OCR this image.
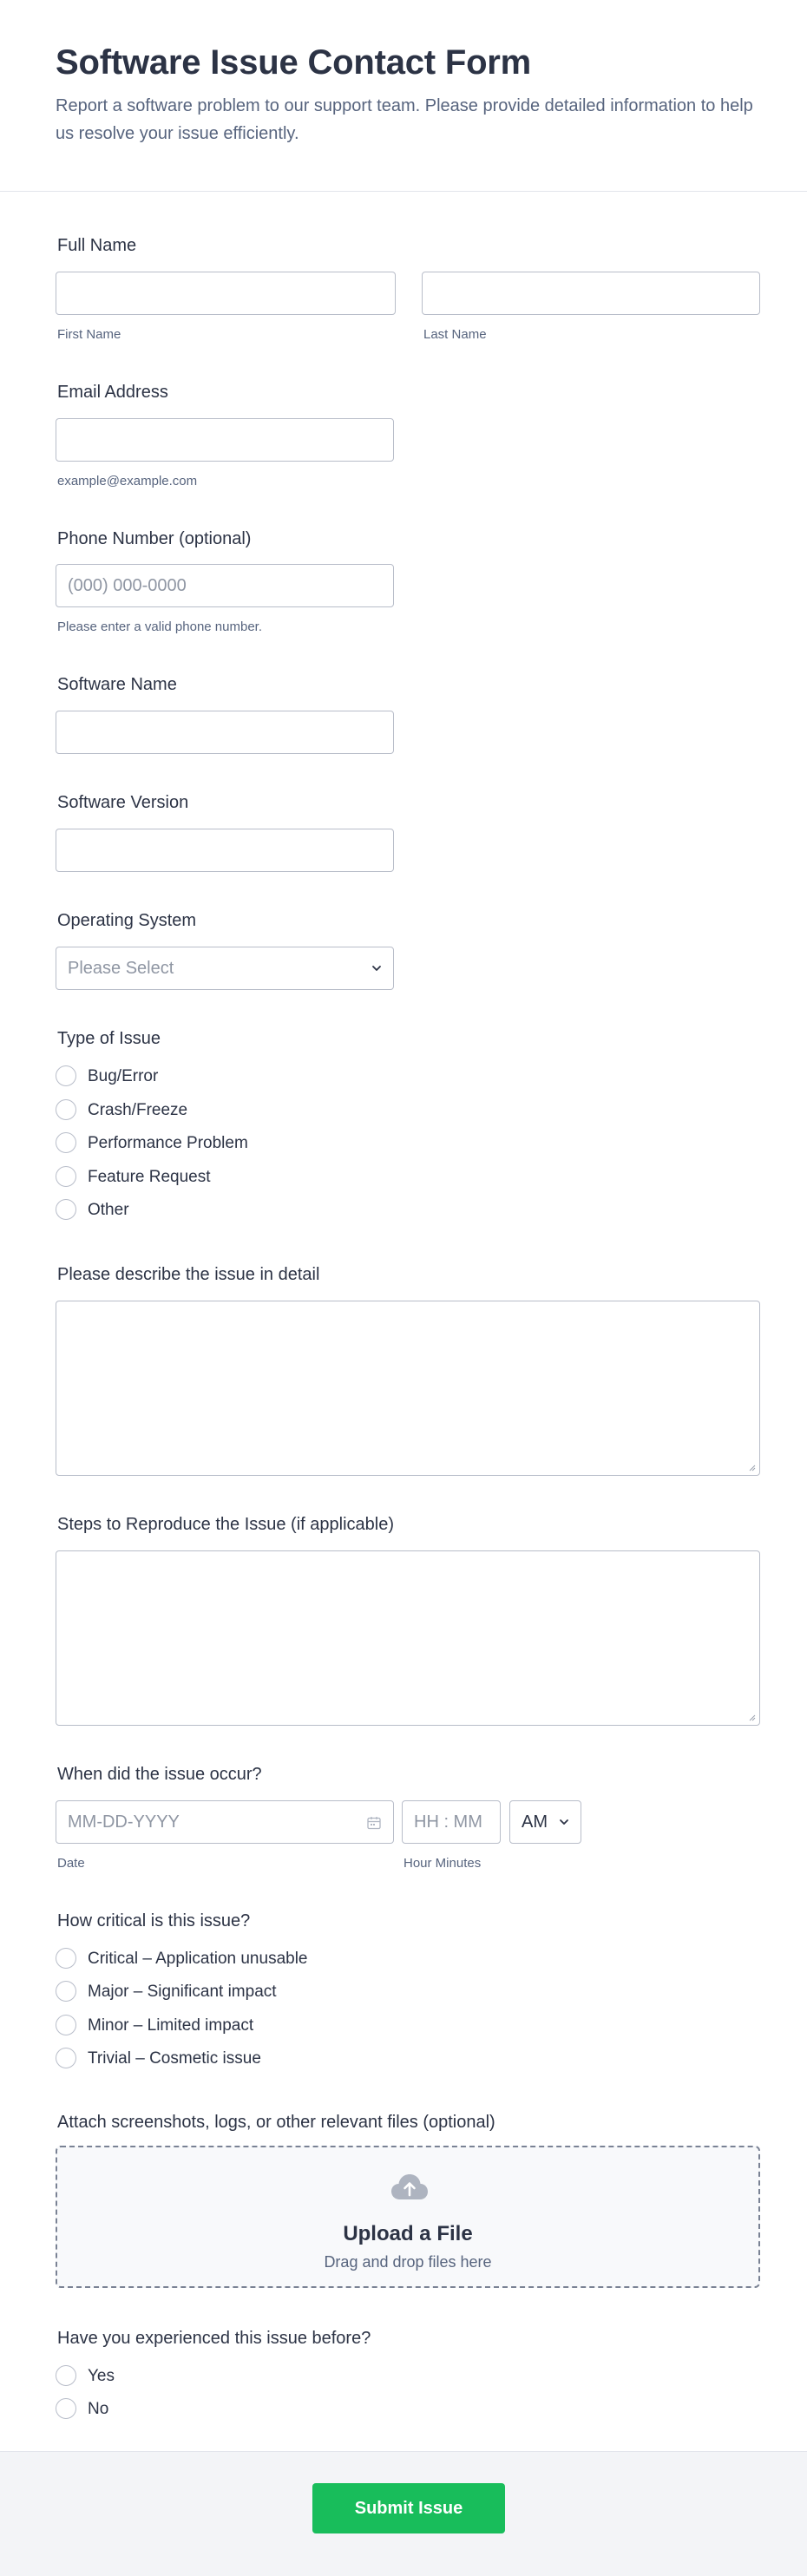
Software Issue Contact Form
Report a software problem to our support team. Please provide detailed information to help us resolve your issue efficiently.
Full Name
First Name	Last Name
Email Address
example@example.com
Phone Number (optional)
(000) 000-0000
Please enter a valid phone number.
Software Name
Software Version
Operating System
Please Select
Type of Issue
Bug/Error
Crash/Freeze
Performance Problem
Feature Request
Other
Please describe the issue in detail
Steps to Reproduce the Issue (if applicable)
When did the issue occur?
MM-DD-YYYY	HH : MM AM
Date	Hour Minutes
How critical is this issue?
Critical – Application unusable
Major – Significant impact
Minor – Limited impact
Trivial – Cosmetic issue
Attach screenshots, logs, or other relevant files (optional)
Upload a File
Drag and drop files here
Have you experienced this issue before?
Yes
No
Submit Issue
